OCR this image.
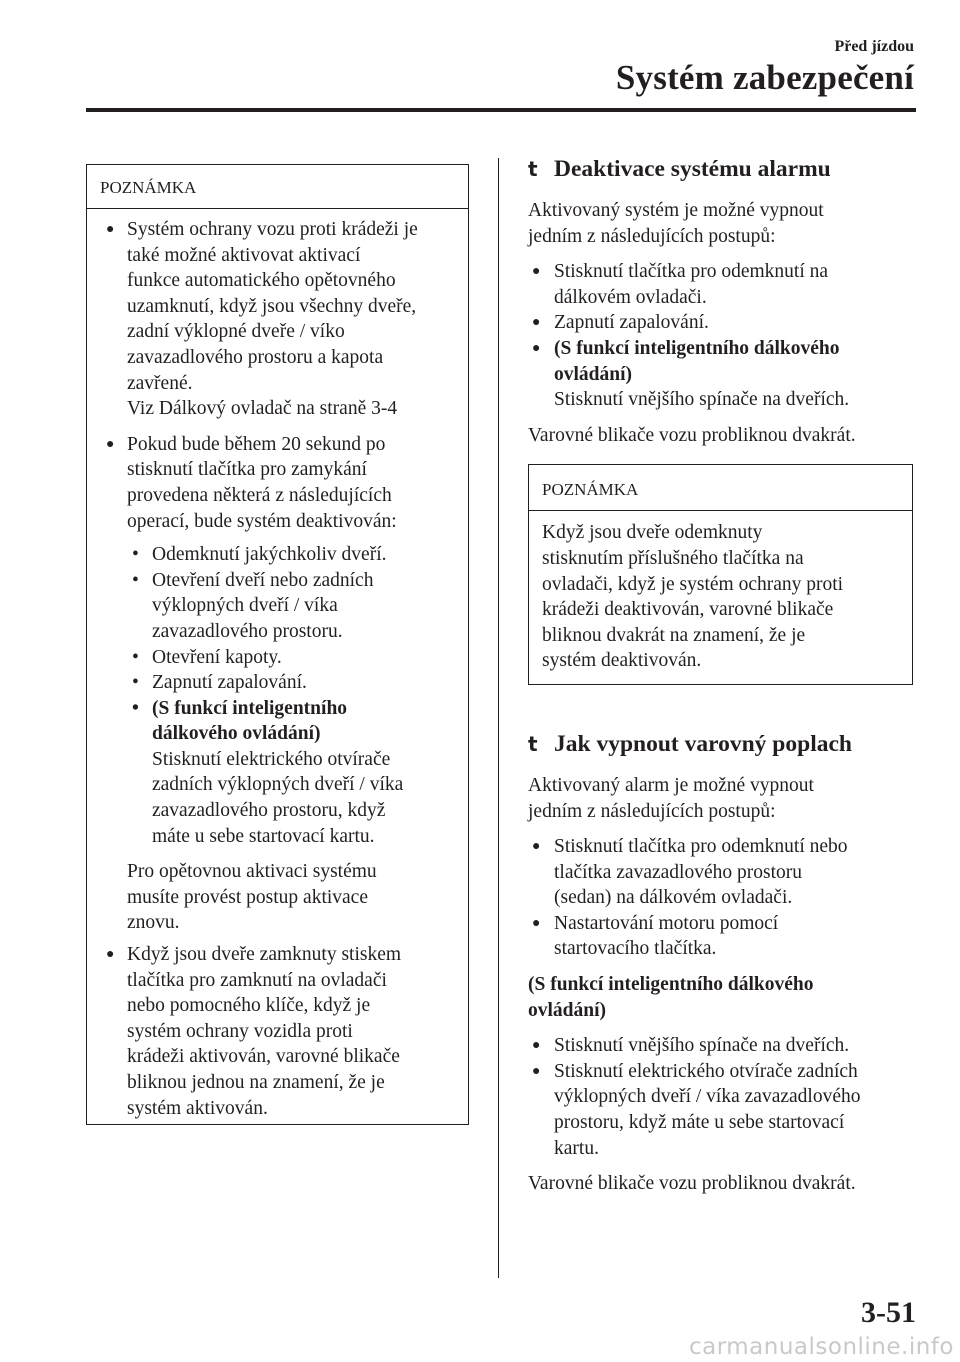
Před jízdou
Systém zabezpečení
POZNÁMKA
● Systém ochrany vozu proti krádeži je
také možné aktivovat aktivací
funkce automatického opětovného
uzamknutí, když jsou všechny dveře,
zadní výklopné dveře / víko
zavazadlového prostoru a kapota
zavřené.
Viz Dálkový ovladač na straně 3-4
● Pokud bude během 20 sekund po
stisknutí tlačítka pro zamykání
provedena některá z následujících
operací, bude systém deaktivován:
• Odemknutí jakýchkoliv dveří.
• Otevření dveří nebo zadních
výklopných dveří / víka
zavazadlového prostoru.
• Otevření kapoty.
• Zapnutí zapalování.
• (S funkcí inteligentního
dálkového ovládání)
Stisknutí elektrického otvírače
zadních výklopných dveří / víka
zavazadlového prostoru, když
máte u sebe startovací kartu.
Pro opětovnou aktivaci systému
musíte provést postup aktivace
znovu.
● Když jsou dveře zamknuty stiskem
tlačítka pro zamknutí na ovladači
nebo pomocného klíče, když je
systém ochrany vozidla proti
krádeži aktivován, varovné blikače
bliknou jednou na znamení, že je
systém aktivován.
t Deaktivace systému alarmu
Aktivovaný systém je možné vypnout
jedním z následujících postupů:
● Stisknutí tlačítka pro odemknutí na
dálkovém ovladači.
● Zapnutí zapalování.
● (S funkcí inteligentního dálkového
ovládání)
Stisknutí vnějšího spínače na dveřích.
Varovné blikače vozu probliknou dvakrát.
POZNÁMKA
Když jsou dveře odemknuty
stisknutím příslušného tlačítka na
ovladači, když je systém ochrany proti
krádeži deaktivován, varovné blikače
bliknou dvakrát na znamení, že je
systém deaktivován.
t Jak vypnout varovný poplach
Aktivovaný alarm je možné vypnout
jedním z následujících postupů:
● Stisknutí tlačítka pro odemknutí nebo
tlačítka zavazadlového prostoru
(sedan) na dálkovém ovladači.
● Nastartování motoru pomocí
startovacího tlačítka.
(S funkcí inteligentního dálkového
ovládání)
● Stisknutí vnějšího spínače na dveřích.
● Stisknutí elektrického otvírače zadních
výklopných dveří / víka zavazadlového
prostoru, když máte u sebe startovací
kartu.
Varovné blikače vozu probliknou dvakrát.
3-51
carmanualsonline.info
